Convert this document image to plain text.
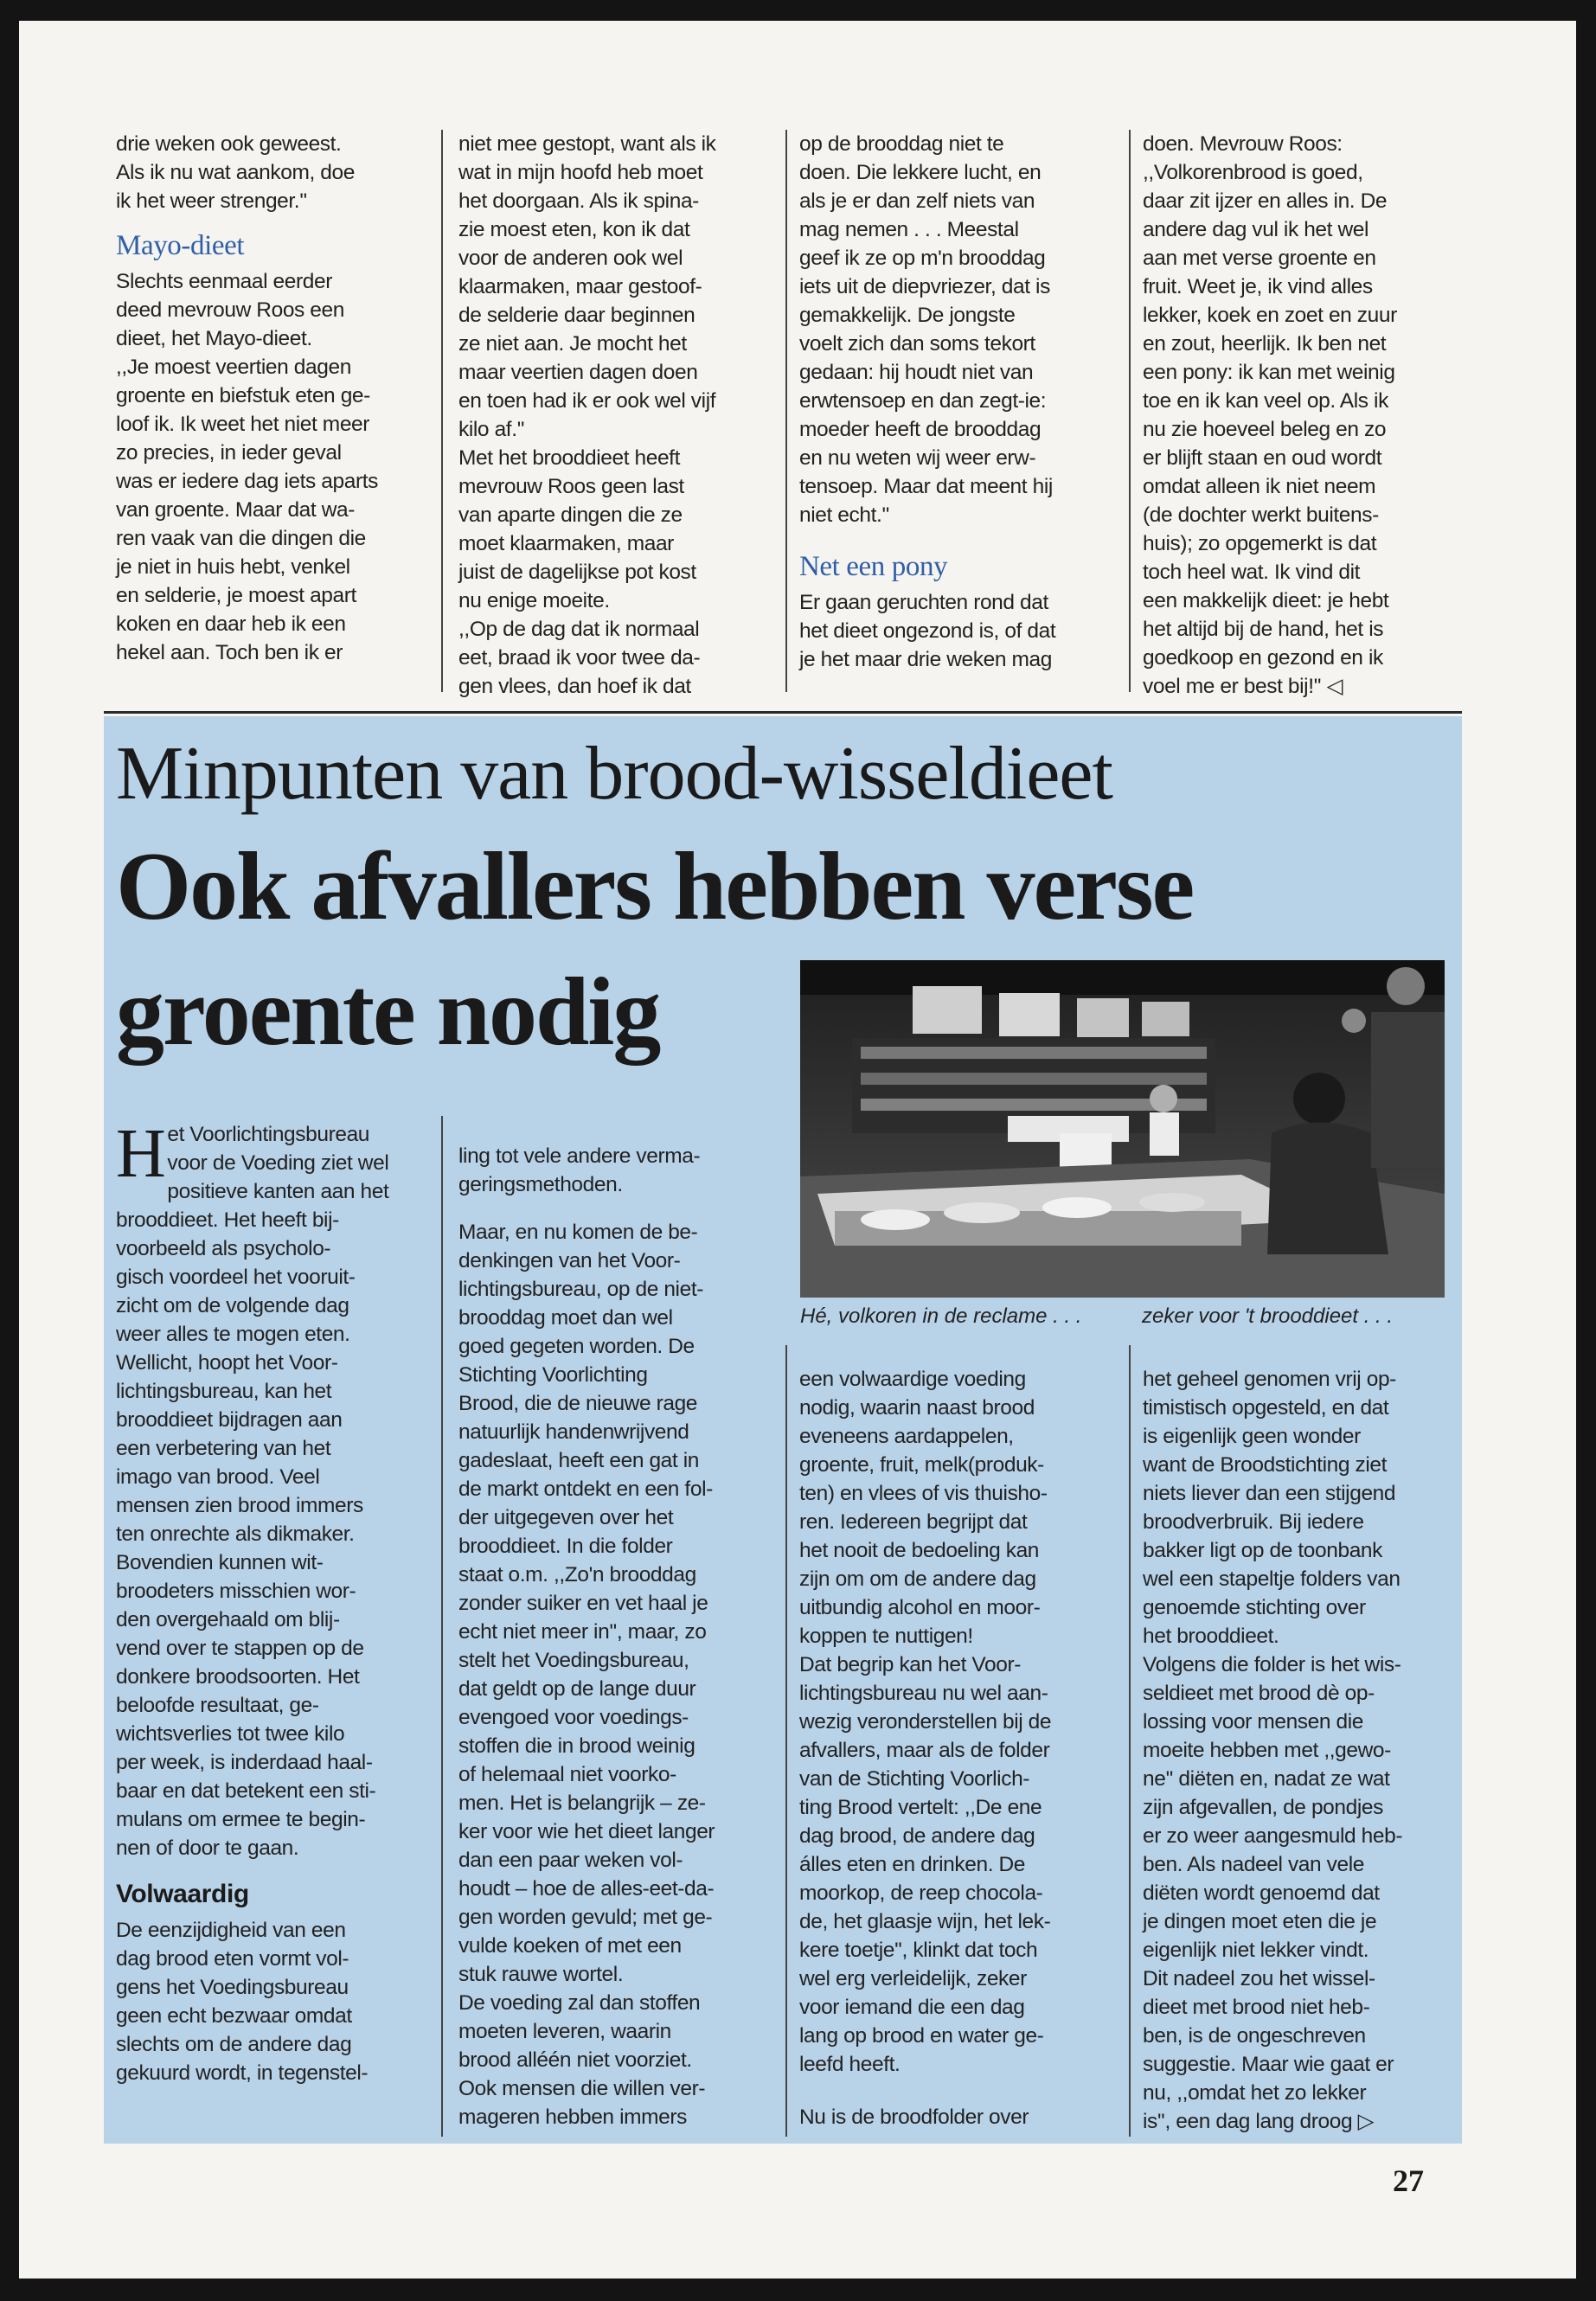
drie weken ook geweest.

Als ik nu wat aankom, doe

ik het weer strenger.''

Mayo-dieet

Slechts eenmaal eerder

deed mevrouw Roos een

dieet, het Mayo-dieet.

,,Je moest veertien dagen

groente en biefstuk eten ge-

loof ik. Ik weet het niet meer

zo precies, in ieder geval

was er iedere dag iets aparts

van groente. Maar dat wa-

ren vaak van die dingen die

je niet in huis hebt, venkel

en selderie, je moest apart

koken en daar heb ik een

hekel aan. Toch ben ik er

niet mee gestopt, want als ik

wat in mijn hoofd heb moet

het doorgaan. Als ik spina-

zie moest eten, kon ik dat

voor de anderen ook wel

klaarmaken, maar gestoof-

de selderie daar beginnen

ze niet aan. Je mocht het

maar veertien dagen doen

en toen had ik er ook wel vijf

kilo af.''

Met het brooddieet heeft

mevrouw Roos geen last

van aparte dingen die ze

moet klaarmaken, maar

juist de dagelijkse pot kost

nu enige moeite.

,,Op de dag dat ik normaal

eet, braad ik voor twee da-

gen vlees, dan hoef ik dat

op de brooddag niet te

doen. Die lekkere lucht, en

als je er dan zelf niets van

mag nemen . . . Meestal

geef ik ze op m'n brooddag

iets uit de diepvriezer, dat is

gemakkelijk. De jongste

voelt zich dan soms tekort

gedaan: hij houdt niet van

erwtensoep en dan zegt-ie:

moeder heeft de brooddag

en nu weten wij weer erw-

tensoep. Maar dat meent hij

niet echt.''

Net een pony

Er gaan geruchten rond dat

het dieet ongezond is, of dat

je het maar drie weken mag

doen. Mevrouw Roos:

,,Volkorenbrood is goed,

daar zit ijzer en alles in. De

andere dag vul ik het wel

aan met verse groente en

fruit. Weet je, ik vind alles

lekker, koek en zoet en zuur

en zout, heerlijk. Ik ben net

een pony: ik kan met weinig

toe en ik kan veel op. Als ik

nu zie hoeveel beleg en zo

er blijft staan en oud wordt

omdat alleen ik niet neem

(de dochter werkt buitens-

huis); zo opgemerkt is dat

toch heel wat. Ik vind dit

een makkelijk dieet: je hebt

het altijd bij de hand, het is

goedkoop en gezond en ik

voel me er best bij!'' ◁

Minpunten van brood-wisseldieet
Ook afvallers hebben verse
groente nodig
Hé, volkoren in de reclame . . .	zeker voor 't brooddieet . . .
H et Voorlichtingsbureau

voor de Voeding ziet wel

positieve kanten aan het

brooddieet. Het heeft bij-

voorbeeld als psycholo-

gisch voordeel het vooruit-

zicht om de volgende dag

weer alles te mogen eten.

Wellicht, hoopt het Voor-

lichtingsbureau, kan het

brooddieet bijdragen aan

een verbetering van het

imago van brood. Veel

mensen zien brood immers

ten onrechte als dikmaker.

Bovendien kunnen wit-

broodeters misschien wor-

den overgehaald om blij-

vend over te stappen op de

donkere broodsoorten. Het

beloofde resultaat, ge-

wichtsverlies tot twee kilo

per week, is inderdaad haal-

baar en dat betekent een sti-

mulans om ermee te begin-

nen of door te gaan.

Volwaardig

De eenzijdigheid van een

dag brood eten vormt vol-

gens het Voedingsbureau

geen echt bezwaar omdat

slechts om de andere dag

gekuurd wordt, in tegenstel-

ling tot vele andere verma-

geringsmethoden.

Maar, en nu komen de be-

denkingen van het Voor-

lichtingsbureau, op de niet-

brooddag moet dan wel

goed gegeten worden. De

Stichting Voorlichting

Brood, die de nieuwe rage

natuurlijk handenwrijvend

gadeslaat, heeft een gat in

de markt ontdekt en een fol-

der uitgegeven over het

brooddieet. In die folder

staat o.m. ,,Zo'n brooddag

zonder suiker en vet haal je

echt niet meer in'', maar, zo

stelt het Voedingsbureau,

dat geldt op de lange duur

evengoed voor voedings-

stoffen die in brood weinig

of helemaal niet voorko-

men. Het is belangrijk – ze-

ker voor wie het dieet langer

dan een paar weken vol-

houdt – hoe de alles-eet-da-

gen worden gevuld; met ge-

vulde koeken of met een

stuk rauwe wortel.

De voeding zal dan stoffen

moeten leveren, waarin

brood alléén niet voorziet.

Ook mensen die willen ver-

mageren hebben immers

een volwaardige voeding

nodig, waarin naast brood

eveneens aardappelen,

groente, fruit, melk(produk-

ten) en vlees of vis thuisho-

ren. Iedereen begrijpt dat

het nooit de bedoeling kan

zijn om om de andere dag

uitbundig alcohol en moor-

koppen te nuttigen!

Dat begrip kan het Voor-

lichtingsbureau nu wel aan-

wezig veronderstellen bij de

afvallers, maar als de folder

van de Stichting Voorlich-

ting Brood vertelt: ,,De ene

dag brood, de andere dag

álles eten en drinken. De

moorkop, de reep chocola-

de, het glaasje wijn, het lek-

kere toetje'', klinkt dat toch

wel erg verleidelijk, zeker

voor iemand die een dag

lang op brood en water ge-

leefd heeft.

Nu is de broodfolder over

het geheel genomen vrij op-

timistisch opgesteld, en dat

is eigenlijk geen wonder

want de Broodstichting ziet

niets liever dan een stijgend

broodverbruik. Bij iedere

bakker ligt op de toonbank

wel een stapeltje folders van

genoemde stichting over

het brooddieet.

Volgens die folder is het wis-

seldieet met brood dè op-

lossing voor mensen die

moeite hebben met ,,gewo-

ne'' diëten en, nadat ze wat

zijn afgevallen, de pondjes

er zo weer aangesmuld heb-

ben. Als nadeel van vele

diëten wordt genoemd dat

je dingen moet eten die je

eigenlijk niet lekker vindt.

Dit nadeel zou het wissel-

dieet met brood niet heb-

ben, is de ongeschreven

suggestie. Maar wie gaat er

nu, ,,omdat het zo lekker

is'', een dag lang droog ▷

27
